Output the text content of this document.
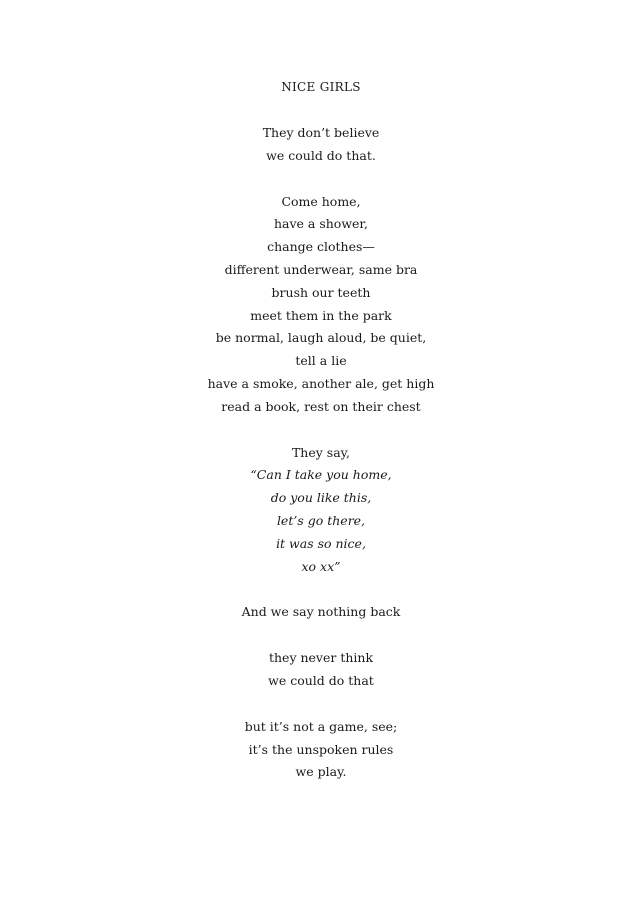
NICE GIRLS
They don’t believe
we could do that.
Come home,
have a shower,
change clothes—
different underwear, same bra
brush our teeth
meet them in the park
be normal, laugh aloud, be quiet,
tell a lie
have a smoke, another ale, get high
read a book, rest on their chest
They say,
“Can I take you home,
do you like this,
let’s go there,
it was so nice,
xo xx”
And we say nothing back
they never think
we could do that
but it’s not a game, see;
it’s the unspoken rules
we play.
